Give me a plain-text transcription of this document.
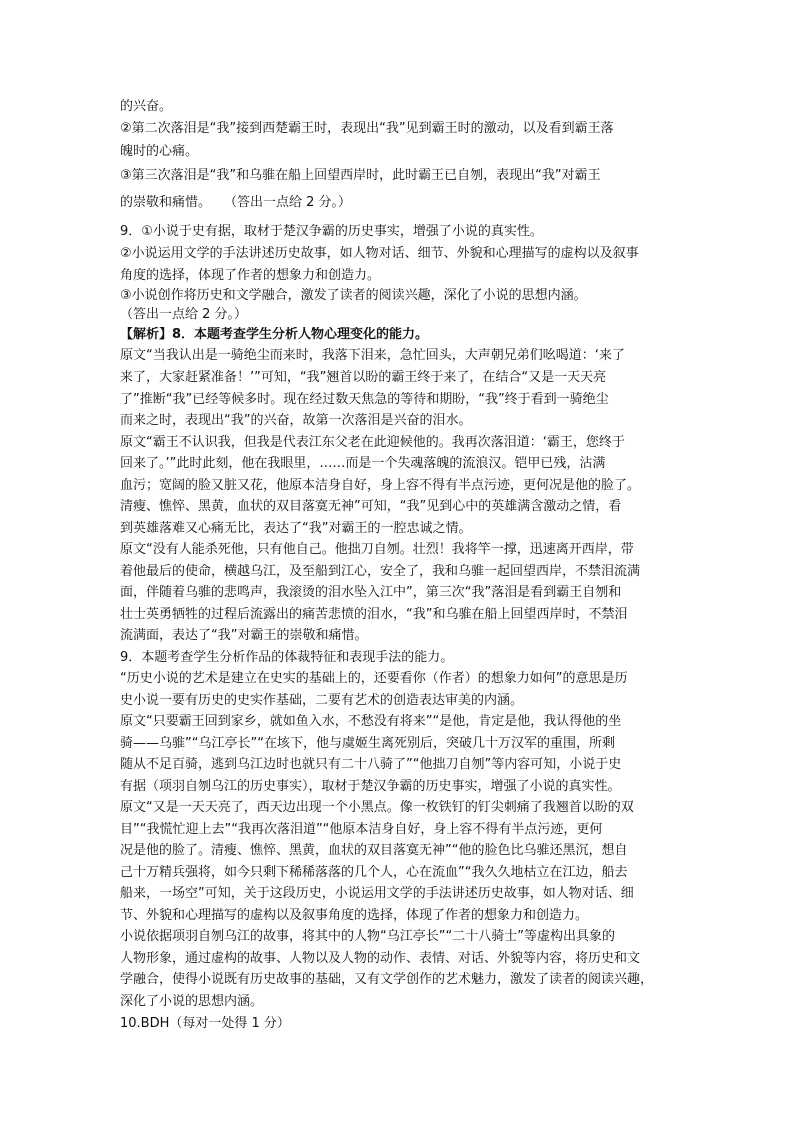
的兴奋。
②第二次落泪是“我”接到西楚霸王时，表现出“我”见到霸王时的激动，以及看到霸王落
魄时的心痛。
③第三次落泪是“我”和乌骓在船上回望西岸时，此时霸王已自刎，表现出“我”对霸王
的崇敬和痛惜。　　（答出一点给 2 分。）
9．①小说于史有据，取材于楚汉争霸的历史事实，增强了小说的真实性。
②小说运用文学的手法讲述历史故事，如人物对话、细节、外貌和心理描写的虚构以及叙事
角度的选择，体现了作者的想象力和创造力。
③小说创作将历史和文学融合，激发了读者的阅读兴趣，深化了小说的思想内涵。
（答出一点给 2 分。）
【解析】8．本题考查学生分析人物心理变化的能力。
原文“当我认出是一骑绝尘而来时，我落下泪来，急忙回头，大声朝兄弟们吆喝道：‘来了
来了，大家赶紧准备！’”可知，“我”翘首以盼的霸王终于来了，在结合“又是一天天亮
了”推断“我”已经等候多时。现在经过数天焦急的等待和期盼，“我”终于看到一骑绝尘
而来之时，表现出“我”的兴奋，故第一次落泪是兴奋的泪水。
原文“霸王不认识我，但我是代表江东父老在此迎候他的。我再次落泪道：‘霸王，您终于
回来了。’”此时此刻，他在我眼里，……而是一个失魂落魄的流浪汉。铠甲已残，沾满
血污；宽阔的脸又脏又花，他原本洁身自好，身上容不得有半点污迹，更何况是他的脸了。
清瘦、憔悴、黑黄，血状的双目落寞无神”可知，“我”见到心中的英雄满含激动之情，看
到英雄落难又心痛无比，表达了“我”对霸王的一腔忠诚之情。
原文“没有人能杀死他，只有他自己。他拙刀自刎。壮烈！我将竿一撑，迅速离开西岸，带
着他最后的使命，横越乌江，及至船到江心，安全了，我和乌骓一起回望西岸，不禁泪流满
面，伴随着乌骓的悲鸣声，我滚烫的泪水坠入江中”，第三次“我”落泪是看到霸王自刎和
壮士英勇牺牲的过程后流露出的痛苦悲愤的泪水，“我”和乌骓在船上回望西岸时，不禁泪
流满面，表达了“我”对霸王的崇敬和痛惜。
9．本题考查学生分析作品的体裁特征和表现手法的能力。
“历史小说的艺术是建立在史实的基础上的，还要看你（作者）的想象力如何”的意思是历
史小说一要有历史的史实作基础，二要有艺术的创造表达审美的内涵。
原文“只要霸王回到家乡，就如鱼入水，不愁没有将来”“是他，肯定是他，我认得他的坐
骑——乌骓”“乌江亭长”“在垓下，他与虞姬生离死别后，突破几十万汉军的重围，所剩
随从不足百骑，逃到乌江边时也就只有二十八骑了”“他拙刀自刎”等内容可知，小说于史
有据（项羽自刎乌江的历史事实），取材于楚汉争霸的历史事实，增强了小说的真实性。
原文“又是一天天亮了，西天边出现一个小黑点。像一枚铁钉的钉尖刺痛了我翘首以盼的双
目”“我慌忙迎上去”“我再次落泪道”“他原本洁身自好，身上容不得有半点污迹，更何
况是他的脸了。清瘦、憔悴、黑黄，血状的双目落寞无神”“他的脸色比乌骓还黑沉，想自
己十万精兵强将，如今只剩下稀稀落落的几个人，心在流血”“我久久地枯立在江边，船去
船来，一场空”可知，关于这段历史，小说运用文学的手法讲述历史故事，如人物对话、细
节、外貌和心理描写的虚构以及叙事角度的选择，体现了作者的想象力和创造力。
小说依据项羽自刎乌江的故事，将其中的人物“乌江亭长”“二十八骑士”等虚构出具象的
人物形象，通过虚构的故事、人物以及人物的动作、表情、对话、外貌等内容，将历史和文
学融合，使得小说既有历史故事的基础，又有文学创作的艺术魅力，激发了读者的阅读兴趣，
深化了小说的思想内涵。
10.BDH（每对一处得 1 分）
